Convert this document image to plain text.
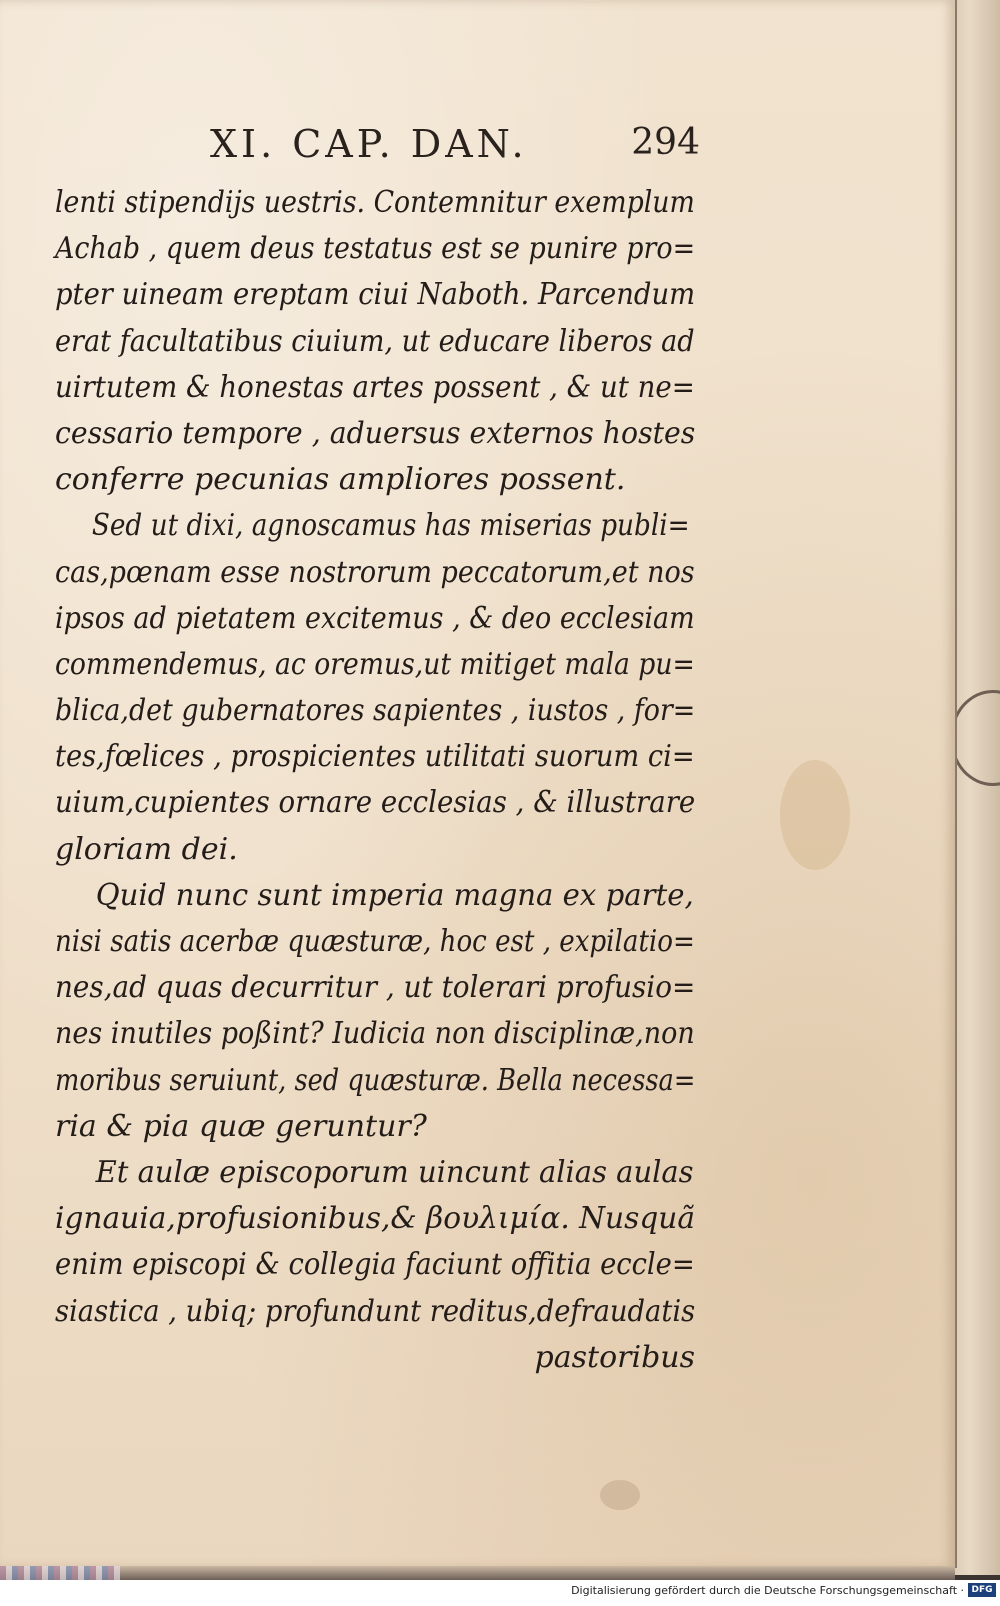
XI. CAP. DAN.	294
lenti stipendijs uestris. Contemnitur exemplum
Achab , quem deus testatus est se punire pro=
pter uineam ereptam ciui Naboth. Parcendum
erat facultatibus ciuium, ut educare liberos ad
uirtutem & honestas artes possent , & ut ne=
cessario tempore , aduersus externos hostes
conferre pecunias ampliores possent.
Sed ut dixi, agnoscamus has miserias publi=
cas,pœnam esse nostrorum peccatorum,et nos
ipsos ad pietatem excitemus , & deo ecclesiam
commendemus, ac oremus,ut mitiget mala pu=
blica,det gubernatores sapientes , iustos , for=
tes,fœlices , prospicientes utilitati suorum ci=
uium,cupientes ornare ecclesias , & illustrare
gloriam dei.
Quid nunc sunt imperia magna ex parte,
nisi satis acerbæ quæsturæ, hoc est , expilatio=
nes,ad quas decurritur , ut tolerari profusio=
nes inutiles poßint? Iudicia non disciplinæ,non
moribus seruiunt, sed quæsturæ. Bella necessa=
ria & pia quæ geruntur?
Et aulæ episcoporum uincunt alias aulas
ignauia,profusionibus,& βουλιμία. Nusquã
enim episcopi & collegia faciunt offitia eccle=
siastica , ubiq; profundunt reditus,defraudatis
pastoribus
Digitalisierung gefördert durch die Deutsche Forschungsgemeinschaft · DFG
